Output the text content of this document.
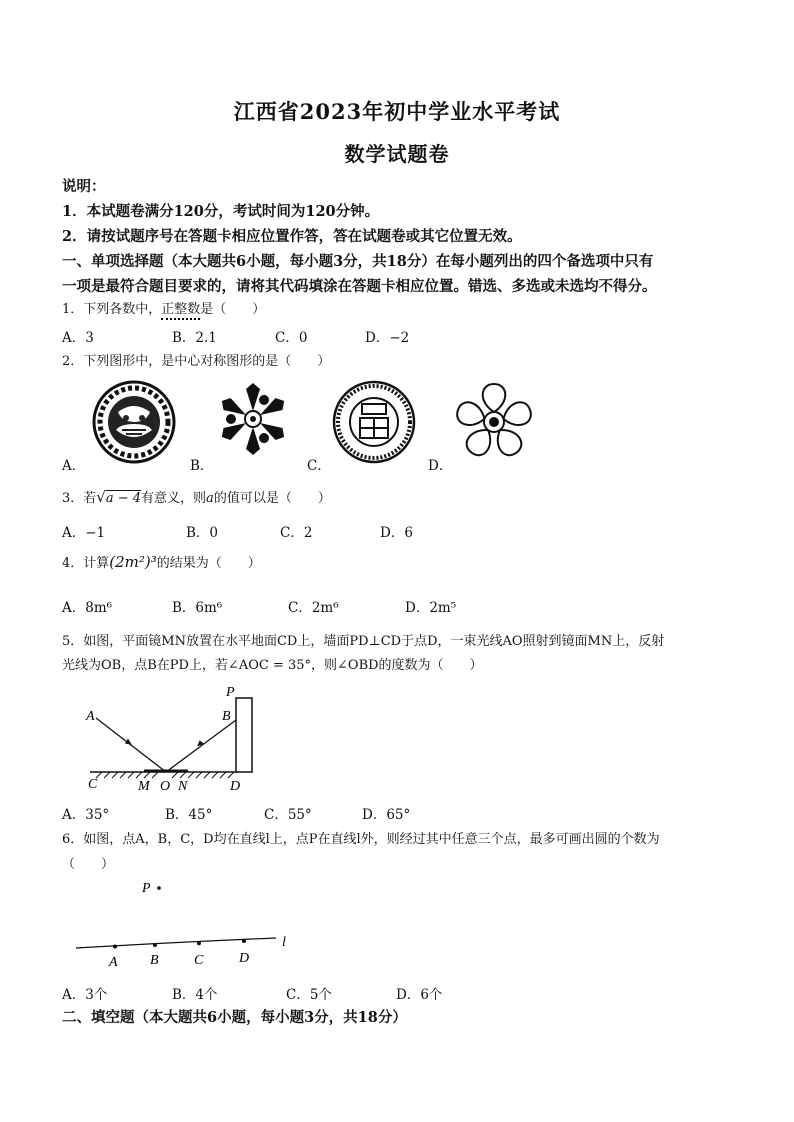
江西省2023年初中学业水平考试
数学试题卷
说明：
1．本试题卷满分120分，考试时间为120分钟。
2．请按试题序号在答题卡相应位置作答，答在试题卷或其它位置无效。
一、单项选择题（本大题共6小题，每小题3分，共18分）在每小题列出的四个备选项中只有
一项是最符合题目要求的，请将其代码填涂在答题卡相应位置。错选、多选或未选均不得分。
1．下列各数中，正整数是（　　）
A．3	B．2.1	C．0	D．−2
2．下列图形中，是中心对称图形的是（　　）
A．	B．	C．	D．
3．若√a − 4有意义，则a的值可以是（　　）
A．−1	B．0	C．2	D．6
4．计算(2m²)³的结果为（　　）
A．8m⁶	B．6m⁶	C．2m⁶	D．2m⁵
5．如图，平面镜MN放置在水平地面CD上，墙面PD⊥CD于点D，一束光线AO照射到镜面MN上，反射
光线为OB，点B在PD上，若∠AOC = 35°，则∠OBD的度数为（　　）
A	B
P
C	M O N	D
A．35°	B．45°	C．55°	D．65°
6．如图，点A，B，C，D均在直线l上，点P在直线l外，则经过其中任意三个点，最多可画出圆的个数为
（　　）
P
A B	C	D
l
A．3个	B．4个	C．5个	D．6个
二、填空题（本大题共6小题，每小题3分，共18分）
